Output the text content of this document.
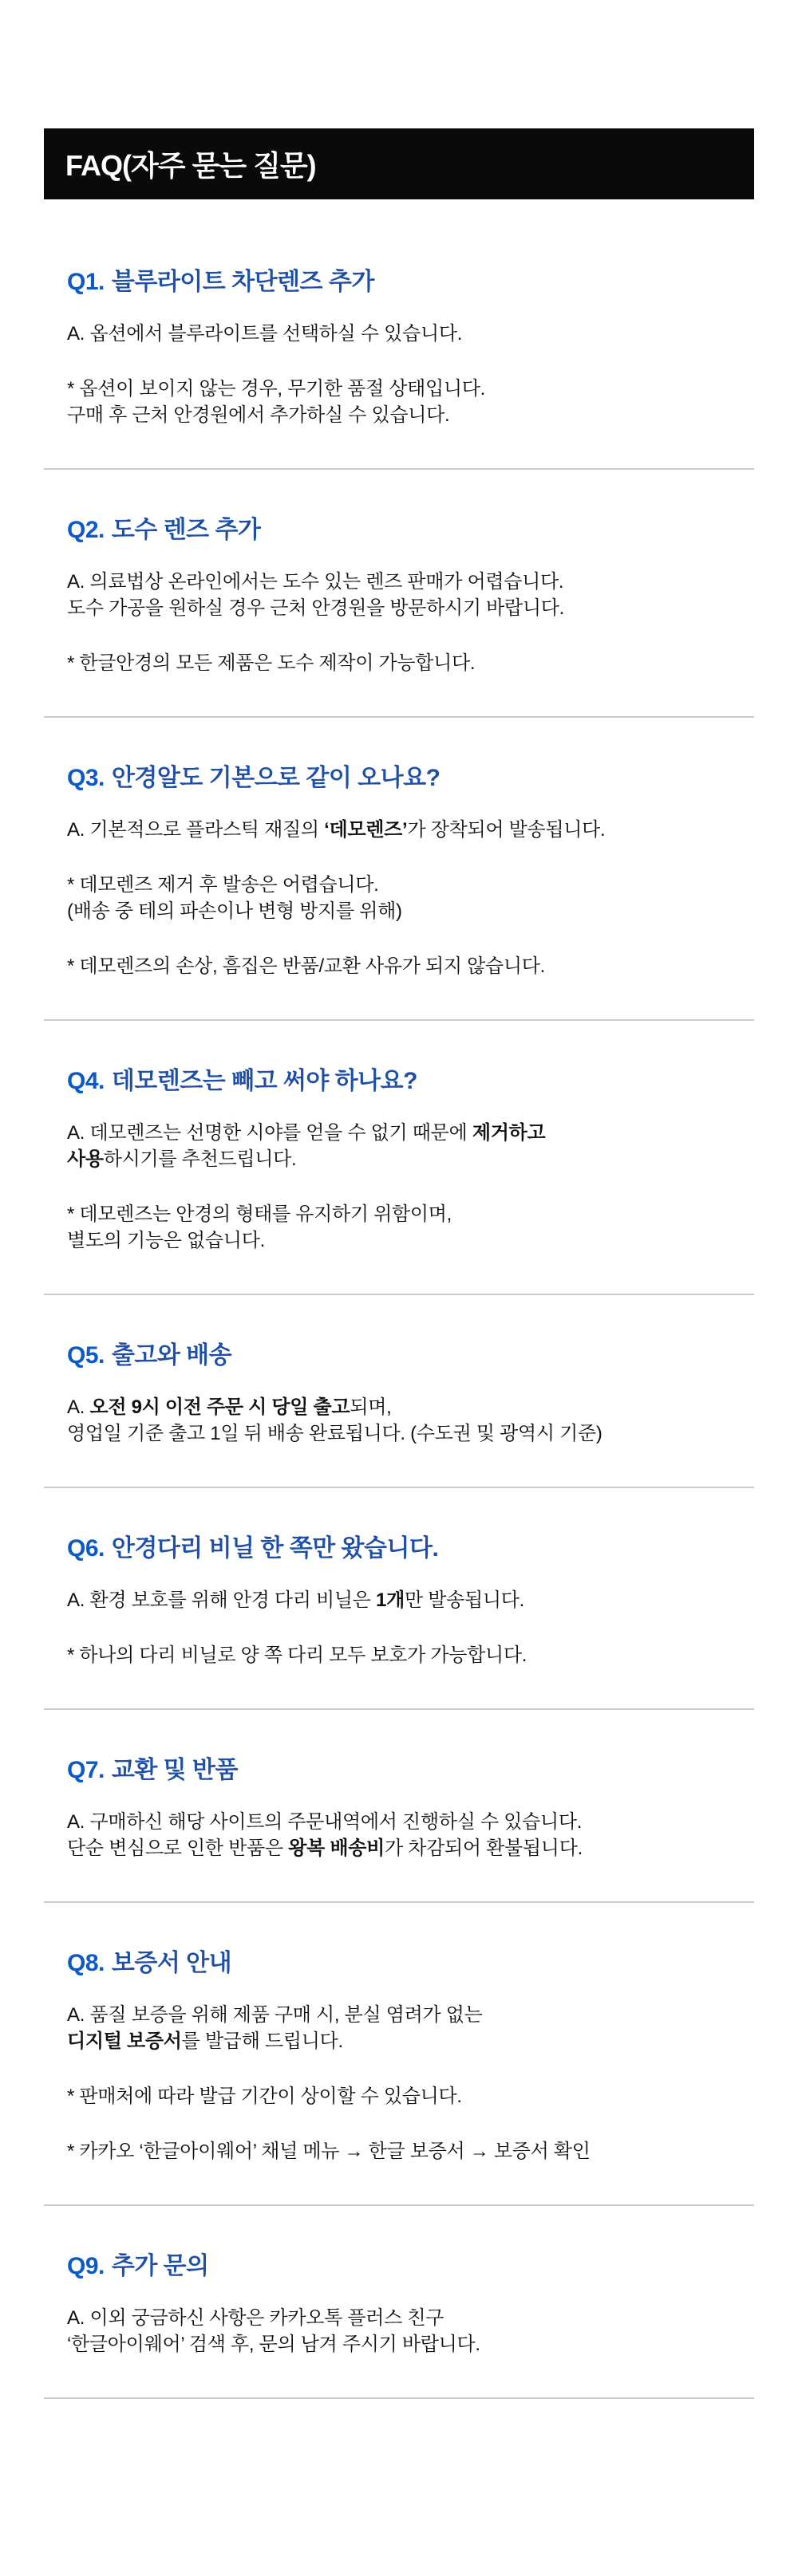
FAQ(자주 묻는 질문)
Q1. 블루라이트 차단렌즈 추가
A. 옵션에서 블루라이트를 선택하실 수 있습니다.
* 옵션이 보이지 않는 경우, 무기한 품절 상태입니다.
구매 후 근처 안경원에서 추가하실 수 있습니다.
Q2. 도수 렌즈 추가
A. 의료법상 온라인에서는 도수 있는 렌즈 판매가 어렵습니다.
도수 가공을 원하실 경우 근처 안경원을 방문하시기 바랍니다.
* 한글안경의 모든 제품은 도수 제작이 가능합니다.
Q3. 안경알도 기본으로 같이 오나요?
A. 기본적으로 플라스틱 재질의 ‘데모렌즈’가 장착되어 발송됩니다.
* 데모렌즈 제거 후 발송은 어렵습니다.
(배송 중 테의 파손이나 변형 방지를 위해)
* 데모렌즈의 손상, 흠집은 반품/교환 사유가 되지 않습니다.
Q4. 데모렌즈는 빼고 써야 하나요?
A. 데모렌즈는 선명한 시야를 얻을 수 없기 때문에 제거하고
사용하시기를 추천드립니다.
* 데모렌즈는 안경의 형태를 유지하기 위함이며,
별도의 기능은 없습니다.
Q5. 출고와 배송
A. 오전 9시 이전 주문 시 당일 출고되며,
영업일 기준 출고 1일 뒤 배송 완료됩니다. (수도권 및 광역시 기준)
Q6. 안경다리 비닐 한 쪽만 왔습니다.
A. 환경 보호를 위해 안경 다리 비닐은 1개만 발송됩니다.
* 하나의 다리 비닐로 양 쪽 다리 모두 보호가 가능합니다.
Q7. 교환 및 반품
A. 구매하신 해당 사이트의 주문내역에서 진행하실 수 있습니다.
단순 변심으로 인한 반품은 왕복 배송비가 차감되어 환불됩니다.
Q8. 보증서 안내
A. 품질 보증을 위해 제품 구매 시, 분실 염려가 없는
디지털 보증서를 발급해 드립니다.
* 판매처에 따라 발급 기간이 상이할 수 있습니다.
* 카카오 ‘한글아이웨어’ 채널 메뉴 → 한글 보증서 → 보증서 확인
Q9. 추가 문의
A. 이외 궁금하신 사항은 카카오톡 플러스 친구
‘한글아이웨어’ 검색 후, 문의 남겨 주시기 바랍니다.
